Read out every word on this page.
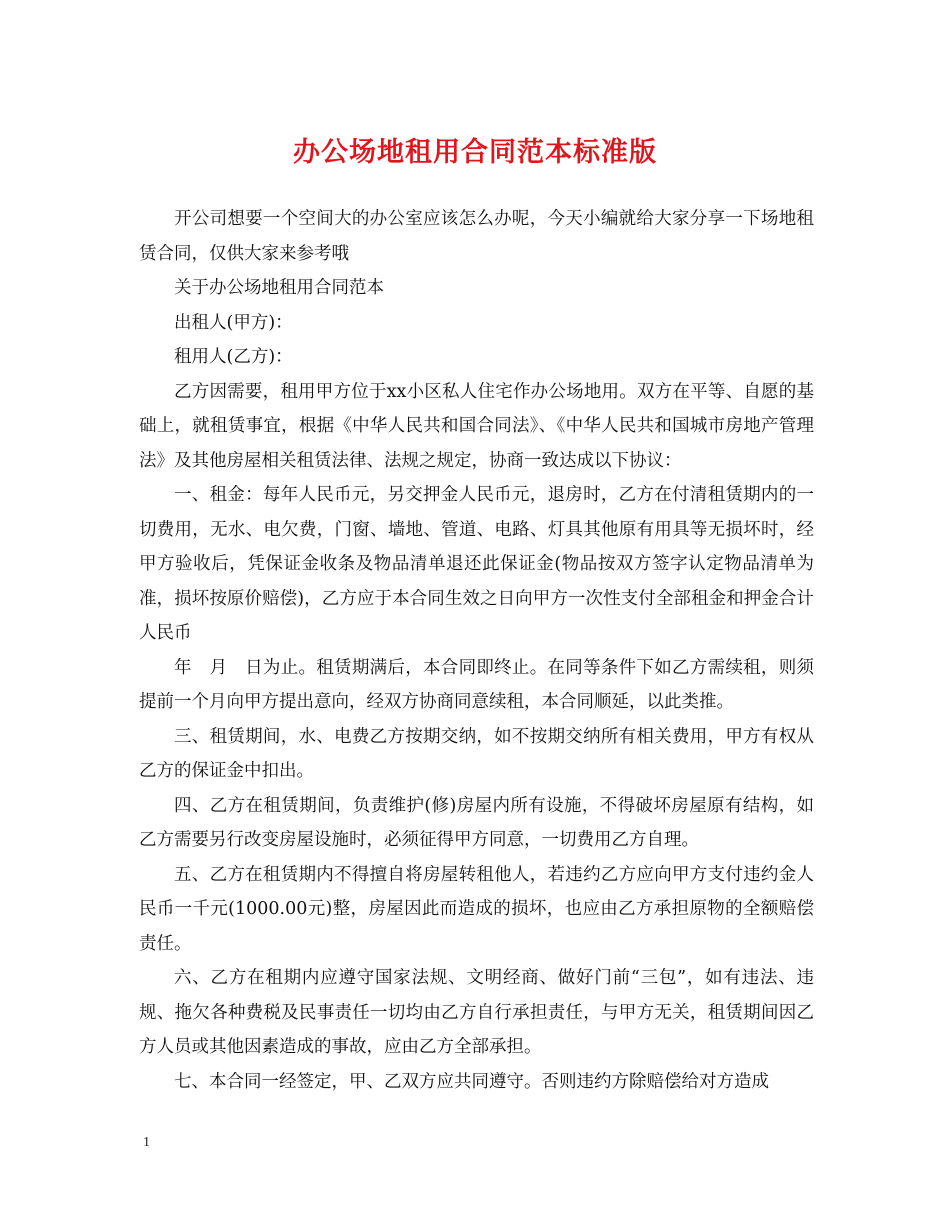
办公场地租用合同范本标准版

开公司想要一个空间大的办公室应该怎么办呢，今天小编就给大家分享一下场地租赁合同，仅供大家来参考哦

关于办公场地租用合同范本

出租人(甲方)：

租用人(乙方)：

乙方因需要，租用甲方位于xx小区私人住宅作办公场地用。双方在平等、自愿的基础上，就租赁事宜，根据《中华人民共和国合同法》、《中华人民共和国城市房地产管理法》及其他房屋相关租赁法律、法规之规定，协商一致达成以下协议：

一、租金：每年人民币元，另交押金人民币元，退房时，乙方在付清租赁期内的一切费用，无水、电欠费，门窗、墙地、管道、电路、灯具其他原有用具等无损坏时，经甲方验收后，凭保证金收条及物品清单退还此保证金(物品按双方签字认定物品清单为准，损坏按原价赔偿)，乙方应于本合同生效之日向甲方一次性支付全部租金和押金合计人民币

年　月　日为止。租赁期满后，本合同即终止。在同等条件下如乙方需续租，则须提前一个月向甲方提出意向，经双方协商同意续租，本合同顺延，以此类推。

三、租赁期间，水、电费乙方按期交纳，如不按期交纳所有相关费用，甲方有权从乙方的保证金中扣出。

四、乙方在租赁期间，负责维护(修)房屋内所有设施，不得破坏房屋原有结构，如乙方需要另行改变房屋设施时，必须征得甲方同意，一切费用乙方自理。

五、乙方在租赁期内不得擅自将房屋转租他人，若违约乙方应向甲方支付违约金人民币一千元(1000.00元)整，房屋因此而造成的损坏，也应由乙方承担原物的全额赔偿责任。

六、乙方在租期内应遵守国家法规、文明经商、做好门前“三包”，如有违法、违规、拖欠各种费税及民事责任一切均由乙方自行承担责任，与甲方无关，租赁期间因乙方人员或其他因素造成的事故，应由乙方全部承担。

七、本合同一经签定，甲、乙双方应共同遵守。否则违约方除赔偿给对方造成

1
